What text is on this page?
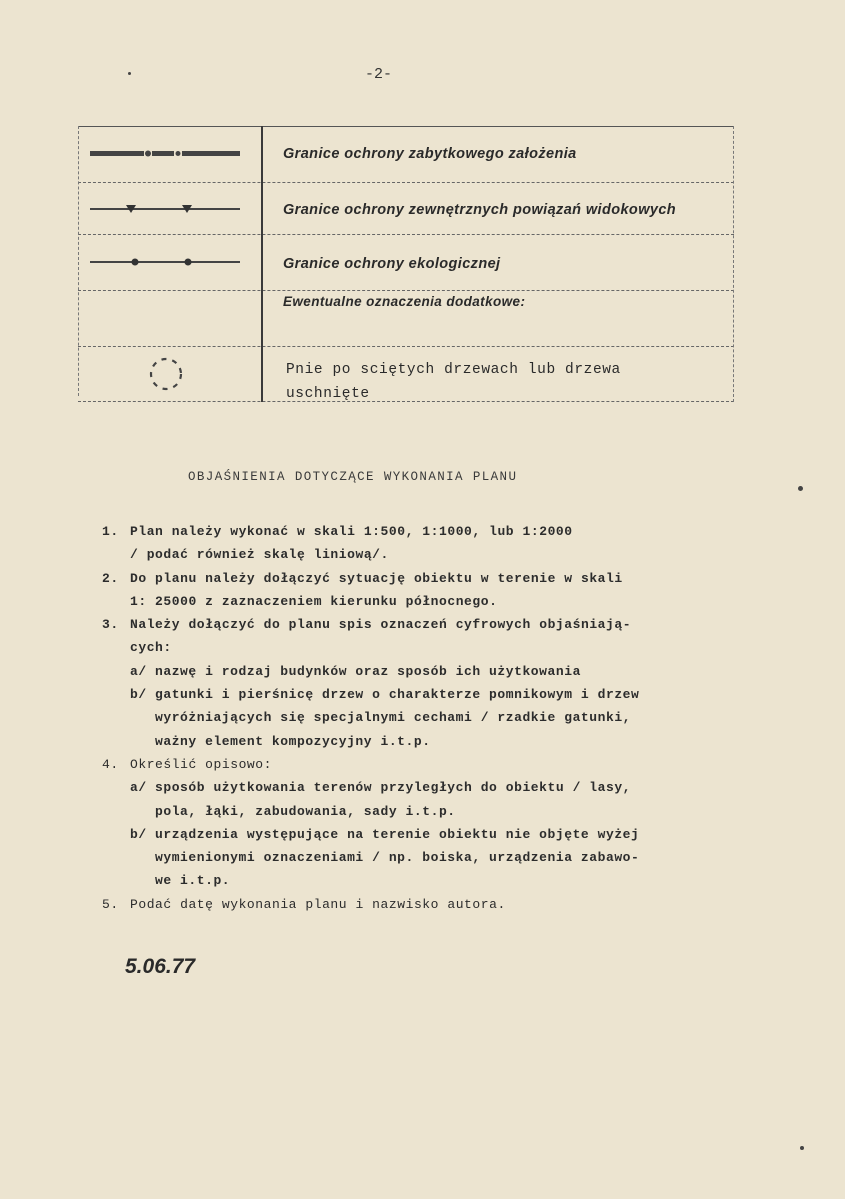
-2-
Granice ochrony zabytkowego założenia
Granice ochrony zewnętrznych powiązań widokowych
Granice ochrony ekologicznej
Ewentualne oznaczenia dodatkowe:
Pnie po sciętych drzewach lub drzewa
uschnięte
OBJAŚNIENIA DOTYCZĄCE WYKONANIA PLANU
1. Plan należy wykonać w skali 1:500, 1:1000, lub 1:2000
/ podać również skalę liniową/.
2. Do planu należy dołączyć sytuację obiektu w terenie w skali
1: 25000 z zaznaczeniem kierunku północnego.
3. Należy dołączyć do planu spis oznaczeń cyfrowych objaśniają-
cych:
a/ nazwę i rodzaj budynków oraz sposób ich użytkowania
b/ gatunki i pierśnicę drzew o charakterze pomnikowym i drzew
wyróżniających się specjalnymi cechami / rzadkie gatunki,
ważny element kompozycyjny i.t.p.
4. Określić opisowo:
a/ sposób użytkowania terenów przyległych do obiektu / lasy,
pola, łąki, zabudowania, sady i.t.p.
b/ urządzenia występujące na terenie obiektu nie objęte wyżej
wymienionymi oznaczeniami / np. boiska, urządzenia zabawo-
we i.t.p.
5. Podać datę wykonania planu i nazwisko autora.
5.06.77
